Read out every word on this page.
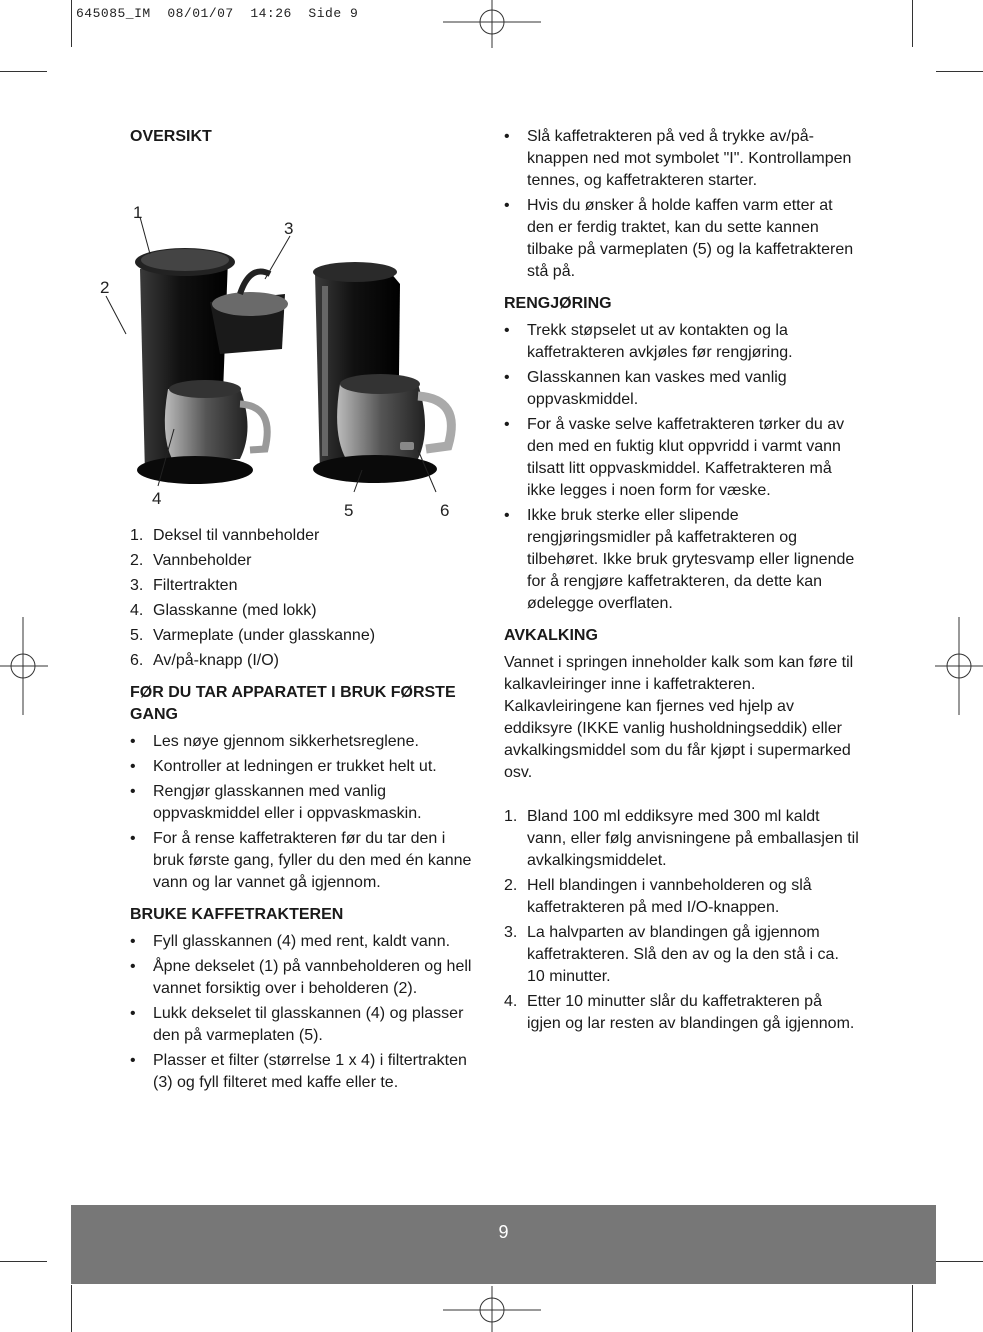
645085_IM  08/01/07  14:26  Side 9
OVERSIKT
1
2
3
4
5	6
1. Deksel til vannbeholder
2. Vannbeholder
3. Filtertrakten
4. Glasskanne (med lokk)
5. Varmeplate (under glasskanne)
6. Av/på-knapp (I/O)
FØR DU TAR APPARATET I BRUK FØRSTE GANG
• Les nøye gjennom sikkerhetsreglene.
• Kontroller at ledningen er trukket helt ut.
• Rengjør glasskannen med vanlig oppvaskmiddel eller i oppvaskmaskin.
• For å rense kaffetrakteren før du tar den i bruk første gang, fyller du den med én kanne vann og lar vannet gå igjennom.
BRUKE KAFFETRAKTEREN
• Fyll glasskannen (4) med rent, kaldt vann.
• Åpne dekselet (1) på vannbeholderen og hell vannet forsiktig over i beholderen (2).
• Lukk dekselet til glasskannen (4) og plasser den på varmeplaten (5).
• Plasser et filter (størrelse 1 x 4) i filtertrakten (3) og fyll filteret med kaffe eller te.
• Slå kaffetrakteren på ved å trykke av/på-knappen ned mot symbolet "I". Kontrollampen tennes, og kaffetrakteren starter.
• Hvis du ønsker å holde kaffen varm etter at den er ferdig traktet, kan du sette kannen tilbake på varmeplaten (5) og la kaffetrakteren stå på.
RENGJØRING
• Trekk støpselet ut av kontakten og la kaffetrakteren avkjøles før rengjøring.
• Glasskannen kan vaskes med vanlig oppvaskmiddel.
• For å vaske selve kaffetrakteren tørker du av den med en fuktig klut oppvridd i varmt vann tilsatt litt oppvaskmiddel. Kaffetrakteren må ikke legges i noen form for væske.
• Ikke bruk sterke eller slipende rengjøringsmidler på kaffetrakteren og tilbehøret. Ikke bruk grytesvamp eller lignende for å rengjøre kaffetrakteren, da dette kan ødelegge overflaten.
AVKALKING

Vannet i springen inneholder kalk som kan føre til kalkavleiringer inne i kaffetrakteren. Kalkavleiringene kan fjernes ved hjelp av eddiksyre (IKKE vanlig husholdningseddik) eller avkalkingsmiddel som du får kjøpt i supermarked osv.

1. Bland 100 ml eddiksyre med 300 ml kaldt vann, eller følg anvisningene på emballasjen til avkalkingsmiddelet.
2. Hell blandingen i vannbeholderen og slå kaffetrakteren på med I/O-knappen.
3. La halvparten av blandingen gå igjennom kaffetrakteren. Slå den av og la den stå i ca. 10 minutter.
4. Etter 10 minutter slår du kaffetrakteren på igjen og lar resten av blandingen gå igjennom.
9
